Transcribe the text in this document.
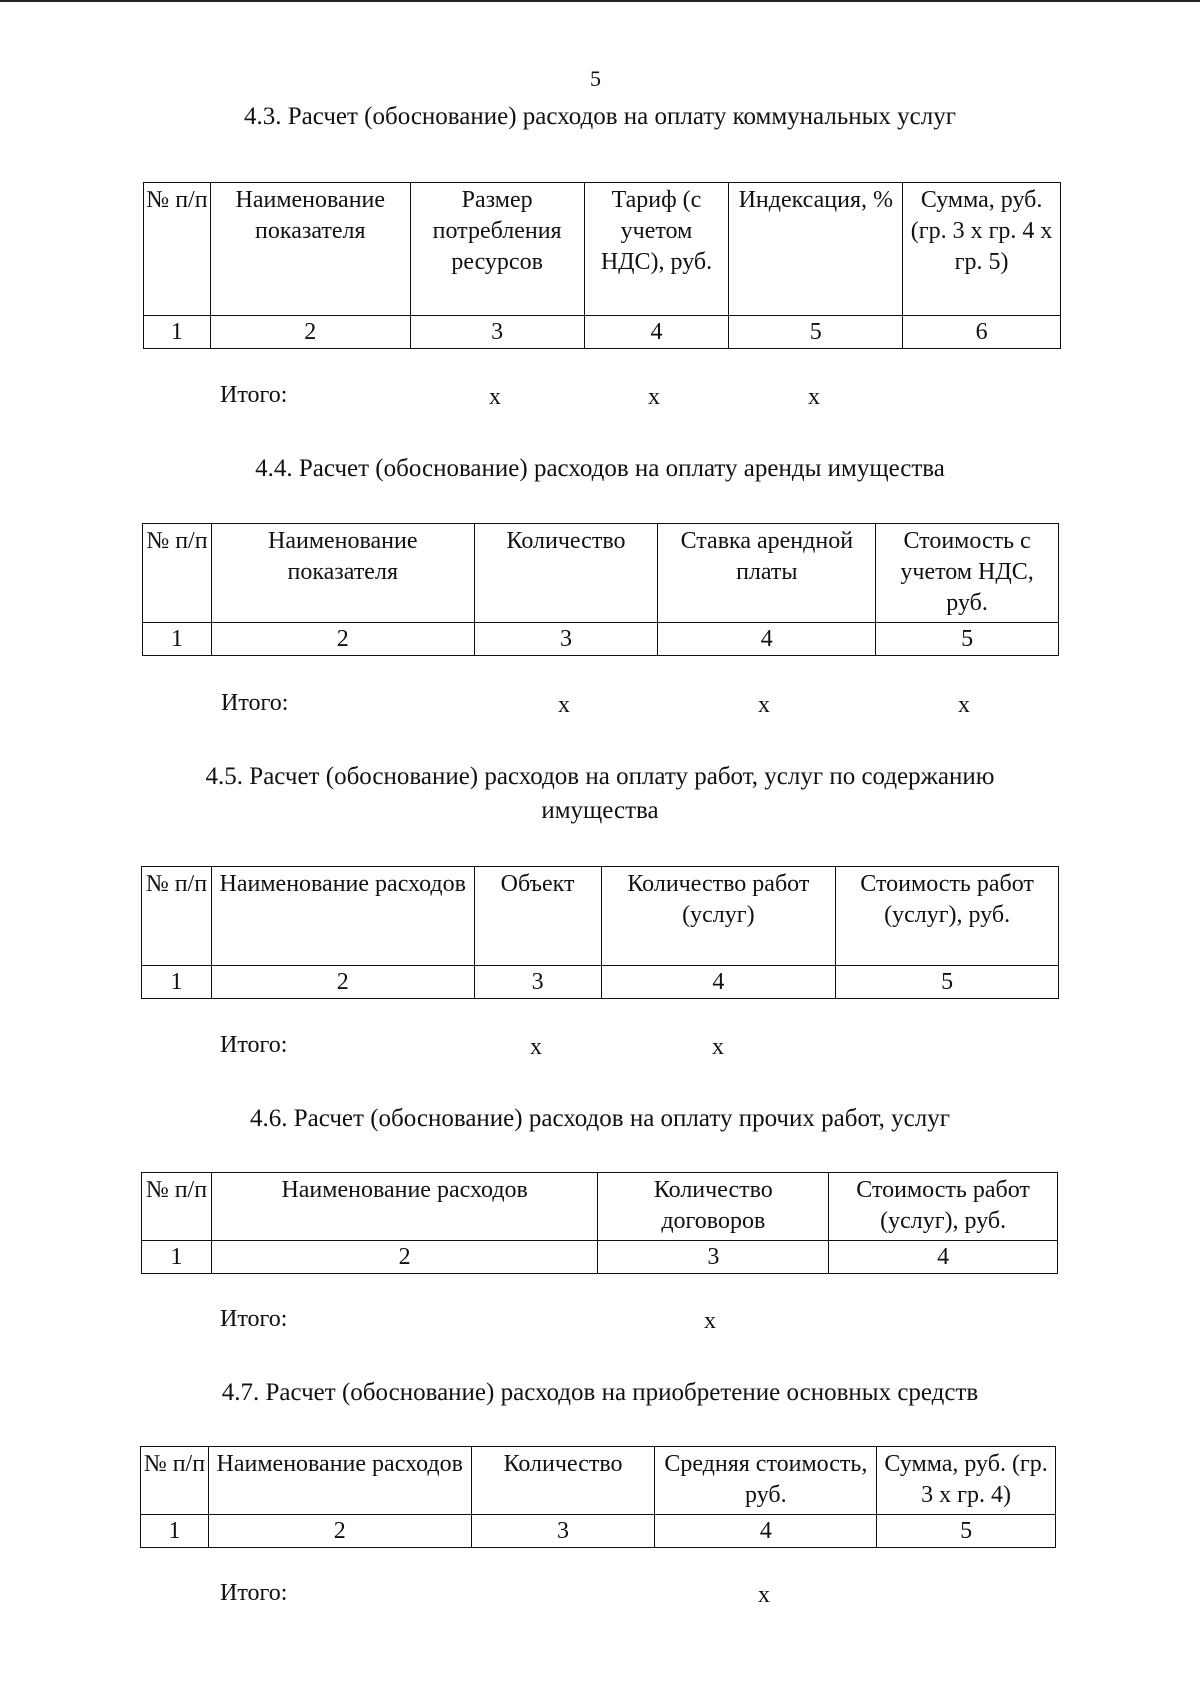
5
4.3. Расчет (обоснование) расходов на оплату коммунальных услуг
№ п/п	Наименование показателя	Размер потребления ресурсов	Тариф (с учетом НДС), руб.	Индексация, %	Сумма, руб. (гр. 3 x гр. 4 x гр. 5)
1	2	3	4	5	6
Итого:	x	x	x
4.4. Расчет (обоснование) расходов на оплату аренды имущества
№ п/п	Наименование показателя	Количество	Ставка арендной платы	Стоимость с учетом НДС, руб.
1	2	3	4	5
Итого:	x	x	x
4.5. Расчет (обоснование) расходов на оплату работ, услуг по содержанию
имущества
№ п/п	Наименование расходов	Объект	Количество работ (услуг)	Стоимость работ (услуг), руб.
1	2	3	4	5
Итого:	x	x
4.6. Расчет (обоснование) расходов на оплату прочих работ, услуг
№ п/п	Наименование расходов	Количество договоров	Стоимость работ (услуг), руб.
1	2	3	4
Итого:	x
4.7. Расчет (обоснование) расходов на приобретение основных средств
№ п/п	Наименование расходов	Количество	Средняя стоимость, руб.	Сумма, руб. (гр. 3 x гр. 4)
1	2	3	4	5
Итого:	x
